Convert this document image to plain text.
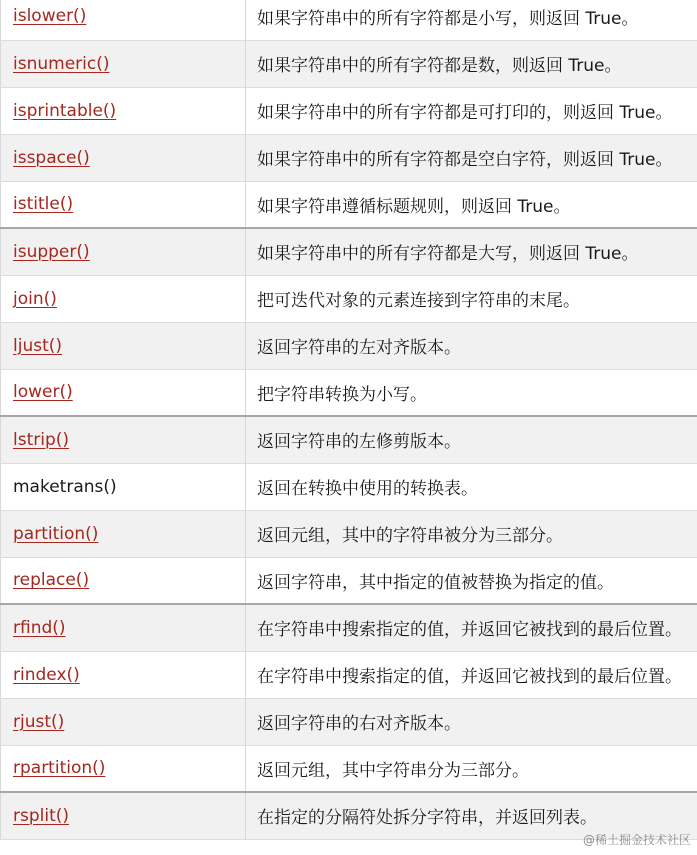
islower()	如果字符串中的所有字符都是小写，则返回 True。
isnumeric()	如果字符串中的所有字符都是数，则返回 True。
isprintable()	如果字符串中的所有字符都是可打印的，则返回 True。
isspace()	如果字符串中的所有字符都是空白字符，则返回 True。
istitle()	如果字符串遵循标题规则，则返回 True。
isupper()	如果字符串中的所有字符都是大写，则返回 True。
join()	把可迭代对象的元素连接到字符串的末尾。
ljust()	返回字符串的左对齐版本。
lower()	把字符串转换为小写。
lstrip()	返回字符串的左修剪版本。
maketrans()	返回在转换中使用的转换表。
partition()	返回元组，其中的字符串被分为三部分。
replace()	返回字符串，其中指定的值被替换为指定的值。
rfind()	在字符串中搜索指定的值，并返回它被找到的最后位置。
rindex()	在字符串中搜索指定的值，并返回它被找到的最后位置。
rjust()	返回字符串的右对齐版本。
rpartition()	返回元组，其中字符串分为三部分。
rsplit()	在指定的分隔符处拆分字符串，并返回列表。
@稀土掘金技术社区
